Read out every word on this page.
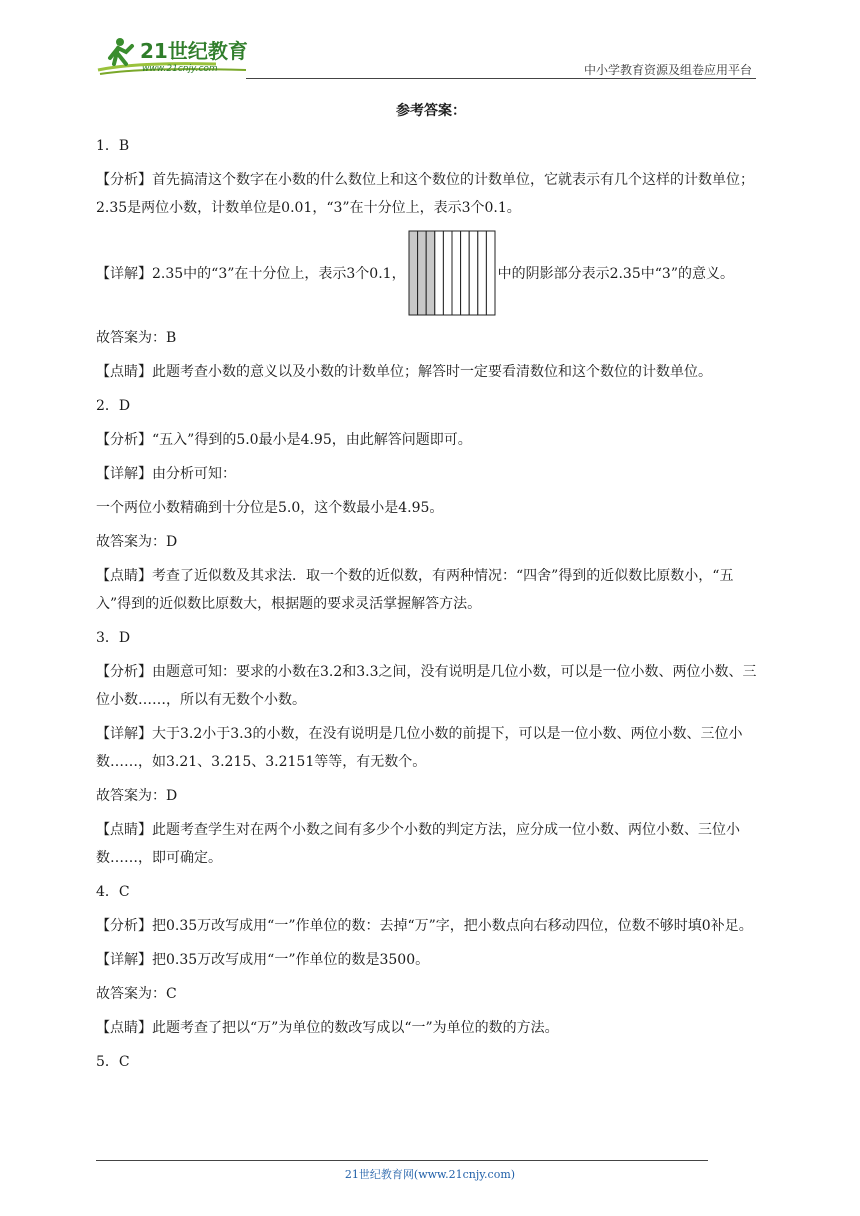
21世纪教育
www.21cnjy.com	中小学教育资源及组卷应用平台
参考答案：

1．B

【分析】首先搞清这个数字在小数的什么数位上和这个数位的计数单位，它就表示有几个这样的计数单位；2.35是两位小数，计数单位是0.01，“3”在十分位上，表示3个0.1。

【详解】2.35中的“3”在十分位上，表示3个0.1，	中的阴影部分表示2.35中“3”的意义。

故答案为：B

【点睛】此题考查小数的意义以及小数的计数单位；解答时一定要看清数位和这个数位的计数单位。

2．D

【分析】“五入”得到的5.0最小是4.95，由此解答问题即可。

【详解】由分析可知：

一个两位小数精确到十分位是5.0，这个数最小是4.95。

故答案为：D

【点睛】考查了近似数及其求法．取一个数的近似数，有两种情况：“四舍”得到的近似数比原数小，“五入”得到的近似数比原数大，根据题的要求灵活掌握解答方法。

3．D

【分析】由题意可知：要求的小数在3.2和3.3之间，没有说明是几位小数，可以是一位小数、两位小数、三位小数……，所以有无数个小数。

【详解】大于3.2小于3.3的小数，在没有说明是几位小数的前提下，可以是一位小数、两位小数、三位小数……，如3.21、3.215、3.2151等等，有无数个。

故答案为：D

【点睛】此题考查学生对在两个小数之间有多少个小数的判定方法，应分成一位小数、两位小数、三位小数……，即可确定。

4．C

【分析】把0.35万改写成用“一”作单位的数：去掉“万”字，把小数点向右移动四位，位数不够时填0补足。

【详解】把0.35万改写成用“一”作单位的数是3500。

故答案为：C

【点睛】此题考查了把以“万”为单位的数改写成以“一”为单位的数的方法。

5．C

21世纪教育网(www.21cnjy.com)
